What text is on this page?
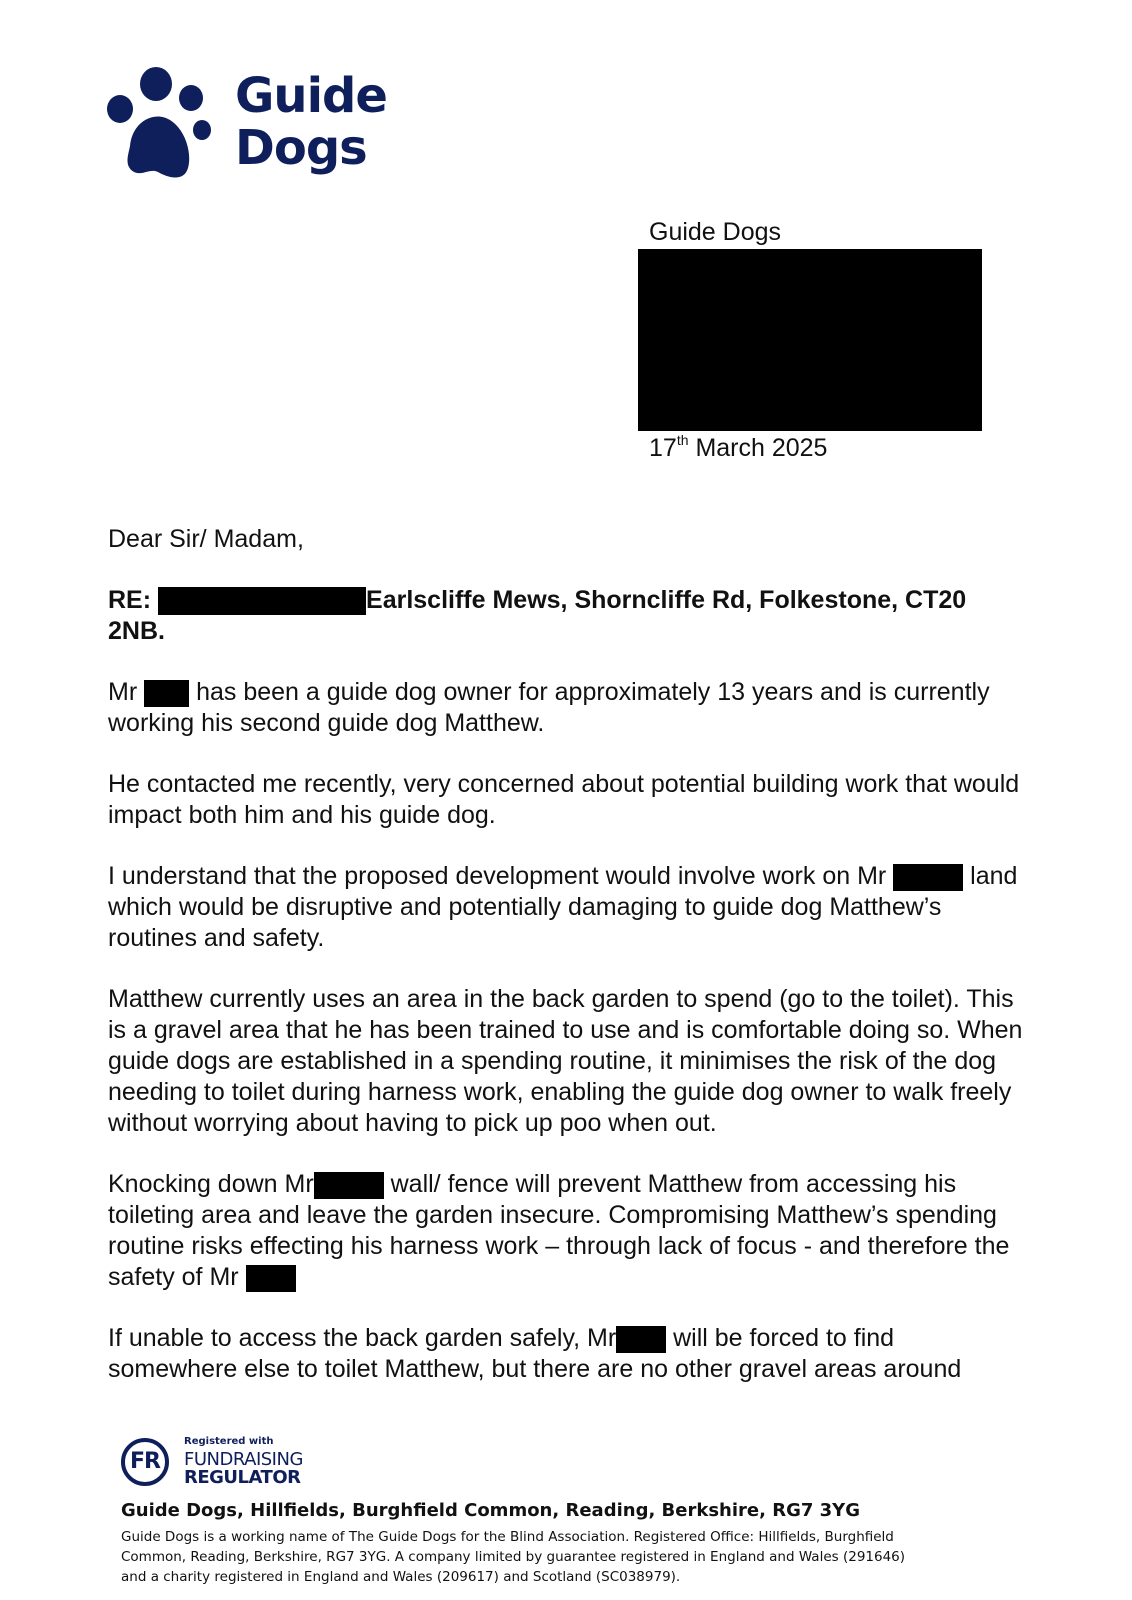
Guide
Dogs
Guide Dogs
17th March 2025

Dear Sir/ Madam,

RE:	Earlscliffe Mews, Shorncliffe Rd, Folkestone, CT20 2NB.

Mr has been a guide dog owner for approximately 13 years and is currently working his second guide dog Matthew.

He contacted me recently, very concerned about potential building work that would impact both him and his guide dog.

I understand that the proposed development would involve work on Mr	land which would be disruptive and potentially damaging to guide dog Matthew’s routines and safety.

Matthew currently uses an area in the back garden to spend (go to the toilet). This is a gravel area that he has been trained to use and is comfortable doing so. When guide dogs are established in a spending routine, it minimises the risk of the dog needing to toilet during harness work, enabling the guide dog owner to walk freely without worrying about having to pick up poo when out.

Knocking down Mr	wall/ fence will prevent Matthew from accessing his toileting area and leave the garden insecure. Compromising Matthew’s spending routine risks effecting his harness work – through lack of focus - and therefore the safety of Mr

If unable to access the back garden safely, Mr will be forced to find somewhere else to toilet Matthew, but there are no other gravel areas around

FR
Registered with
FUNDRAISING
REGULATOR
Guide Dogs, Hillfields, Burghfield Common, Reading, Berkshire, RG7 3YG
Guide Dogs is a working name of The Guide Dogs for the Blind Association. Registered Office: Hillfields, Burghfield Common, Reading, Berkshire, RG7 3YG. A company limited by guarantee registered in England and Wales (291646) and a charity registered in England and Wales (209617) and Scotland (SC038979).
